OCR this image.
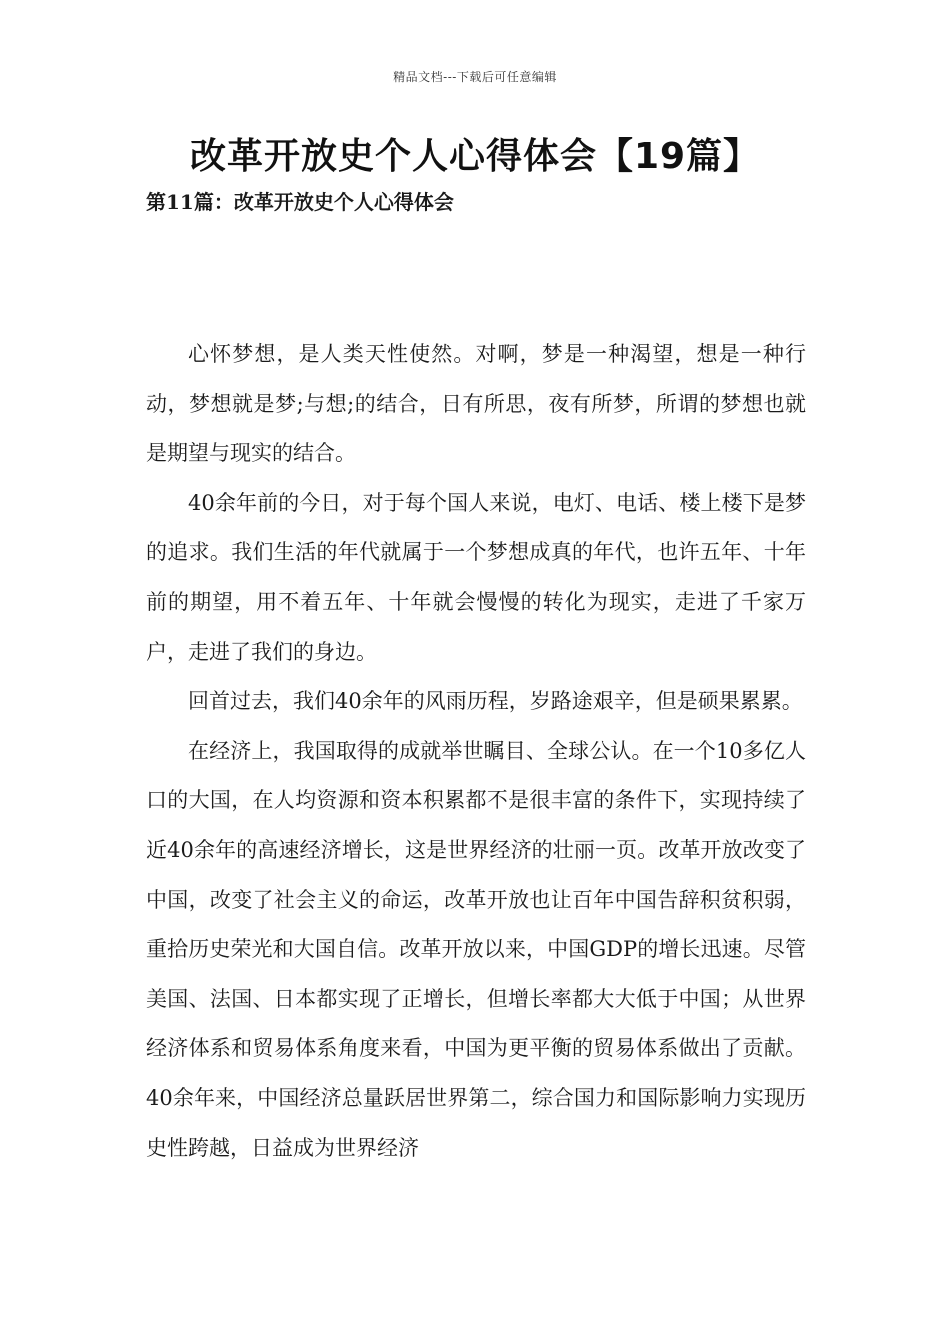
精品文档---下载后可任意编辑
改革开放史个人心得体会【19篇】
第11篇：改革开放史个人心得体会

心怀梦想，是人类天性使然。对啊，梦是一种渴望，想是一种行动，梦想就是梦;与想;的结合，日有所思，夜有所梦，所谓的梦想也就是期望与现实的结合。

40余年前的今日，对于每个国人来说，电灯、电话、楼上楼下是梦的追求。我们生活的年代就属于一个梦想成真的年代，也许五年、十年前的期望，用不着五年、十年就会慢慢的转化为现实，走进了千家万户，走进了我们的身边。

回首过去，我们40余年的风雨历程，岁路途艰辛，但是硕果累累。

在经济上，我国取得的成就举世瞩目、全球公认。在一个10多亿人口的大国，在人均资源和资本积累都不是很丰富的条件下，实现持续了近40余年的高速经济增长，这是世界经济的壮丽一页。改革开放改变了中国，改变了社会主义的命运，改革开放也让百年中国告辞积贫积弱，重拾历史荣光和大国自信。改革开放以来，中国GDP的增长迅速。尽管美国、法国、日本都实现了正增长，但增长率都大大低于中国；从世界经济体系和贸易体系角度来看，中国为更平衡的贸易体系做出了贡献。40余年来，中国经济总量跃居世界第二，综合国力和国际影响力实现历史性跨越，日益成为世界经济
